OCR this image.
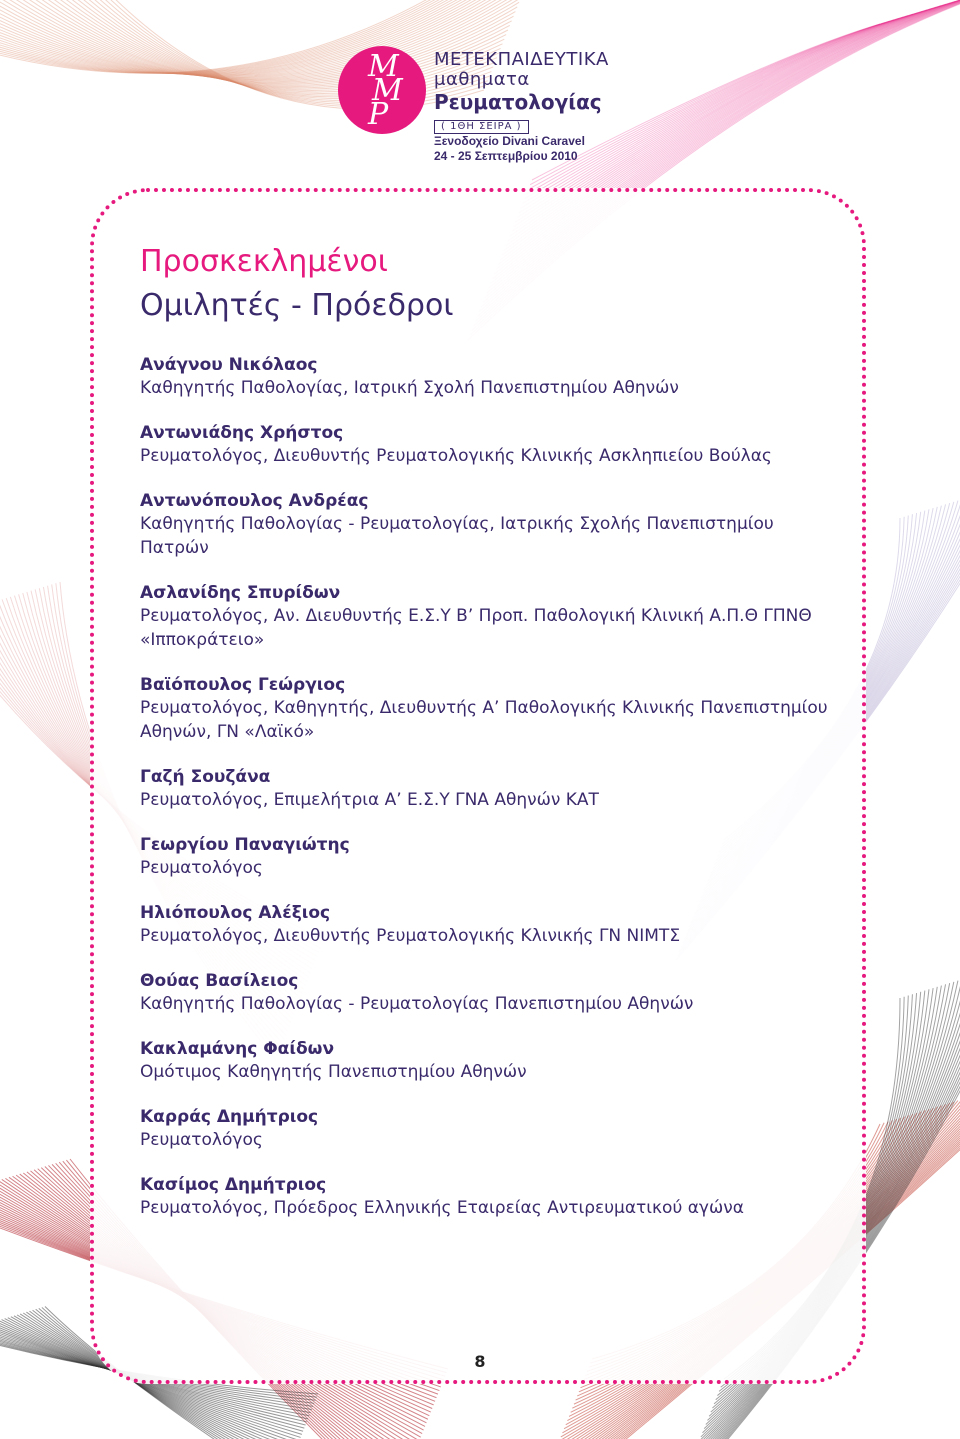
Μ
Μ
Ρ
ΜΕΤΕΚΠΑΙΔΕΥΤΙΚΑ
μαθηματα
Ρευματολογίας
( 1ΘΗ ΣΕΙΡΑ )
Ξενοδοχείο Divani Caravel
24 - 25 Σεπτεμβρίου 2010
Προσκεκλημένοι
Ομιλητές - Πρόεδροι
Ανάγνου Νικόλαος
Καθηγητής Παθολογίας, Ιατρική Σχολή Πανεπιστημίου Αθηνών
Αντωνιάδης Χρήστος
Ρευματολόγος, Διευθυντής Ρευματολογικής Κλινικής Ασκληπιείου Βούλας
Αντωνόπουλος Ανδρέας
Καθηγητής Παθολογίας - Ρευματολογίας, Ιατρικής Σχολής Πανεπιστημίου Πατρών
Ασλανίδης Σπυρίδων
Ρευματολόγος, Αν. Διευθυντής Ε.Σ.Υ Β’ Προπ. Παθολογική Κλινική Α.Π.Θ ΓΠΝΘ «Ιπποκράτειο»
Βαϊόπουλος Γεώργιος
Ρευματολόγος, Καθηγητής, Διευθυντής Α’ Παθολογικής Κλινικής Πανεπιστημίου Αθηνών, ΓΝ «Λαϊκό»
Γαζή Σουζάνα
Ρευματολόγος, Επιμελήτρια Α’ Ε.Σ.Υ ΓΝΑ Αθηνών ΚΑΤ
Γεωργίου Παναγιώτης
Ρευματολόγος
Ηλιόπουλος Αλέξιος
Ρευματολόγος, Διευθυντής Ρευματολογικής Κλινικής ΓΝ ΝΙΜΤΣ
Θούας Βασίλειος
Καθηγητής Παθολογίας - Ρευματολογίας Πανεπιστημίου Αθηνών
Κακλαμάνης Φαίδων
Ομότιμος Καθηγητής Πανεπιστημίου Αθηνών
Καρράς Δημήτριος
Ρευματολόγος
Κασίμος Δημήτριος
Ρευματολόγος, Πρόεδρος Ελληνικής Εταιρείας Αντιρευματικού αγώνα
8
